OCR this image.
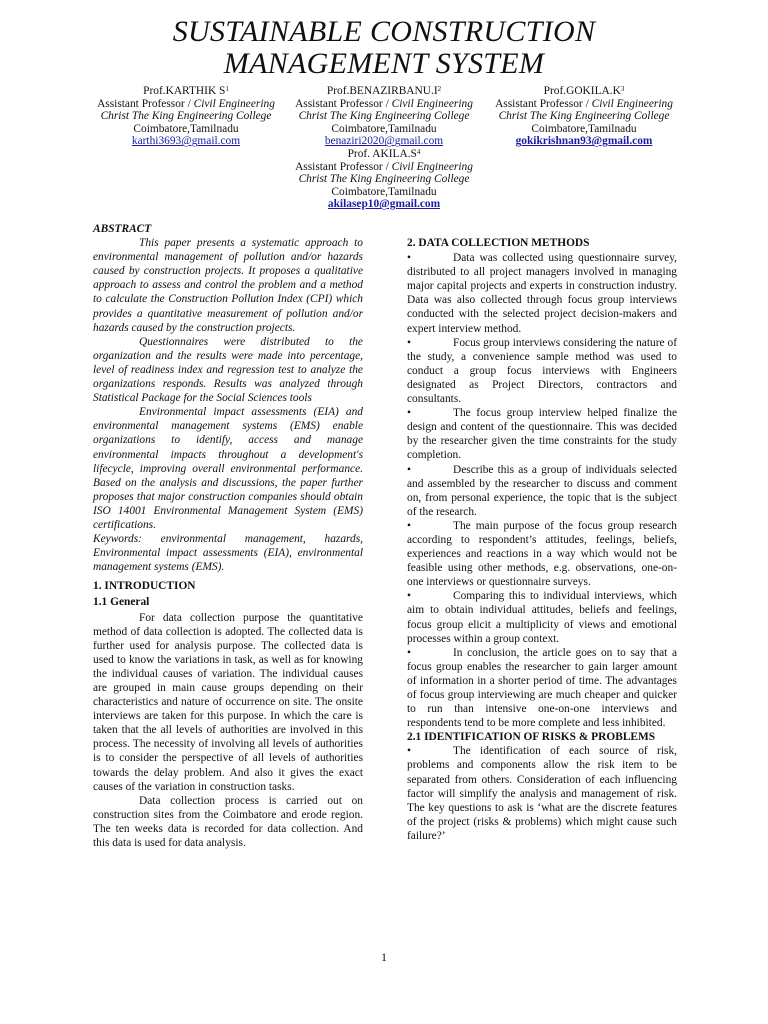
SUSTAINABLE CONSTRUCTION
MANAGEMENT SYSTEM
Prof.KARTHIK $S^1$
Assistant Professor / Civil Engineering
Christ The King Engineering College
Coimbatore,Tamilnadu
karthi3693@gmail.com
$Prof.BENAZIRBANU.I^2$
Assistant Professor / Civil Engineering
Christ The King Engineering College
Coimbatore,Tamilnadu
benaziri2020@gmail.com
$Prof.GOKILA.K^3$
Assistant Professor / Civil Engineering
Christ The King Engineering College
Coimbatore,Tamilnadu
gokikrishnan93@gmail.com
Prof. $AKILA.S^4$
Assistant Professor / Civil Engineering
Christ The King Engineering College
Coimbatore,Tamilnadu
akilasep10@gmail.com

ABSTRACT

This paper presents a systematic approach to environmental management of pollution and/or hazards caused by construction projects. It proposes a qualitative approach to assess and control the problem and a method to calculate the Construction Pollution Index (CPI) which provides a quantitative measurement of pollution and/or hazards caused by the construction projects.

Questionnaires were distributed to the organization and the results were made into percentage, level of readiness index and regression test to analyze the organizations responds. Results was analyzed through Statistical Package for the Social Sciences tools

Environmental impact assessments (EIA) and environmental management systems (EMS) enable organizations to identify, access and manage environmental impacts throughout a development's lifecycle, improving overall environmental performance. Based on the analysis and discussions, the paper further proposes that major construction companies should obtain ISO 14001 Environmental Management System (EMS) certifications.

Keywords: environmental management, hazards, Environmental impact assessments (EIA), environmental management systems (EMS).

1. INTRODUCTION

1.1 General

For data collection purpose the quantitative method of data collection is adopted. The collected data is further used for analysis purpose. The collected data is used to know the variations in task, as well as for knowing the individual causes of variation. The individual causes are grouped in main cause groups depending on their characteristics and nature of occurrence on site. The onsite interviews are taken for this purpose. In which the care is taken that the all levels of authorities are involved in this process. The necessity of involving all levels of authorities is to consider the perspective of all levels of authorities towards the delay problem. And also it gives the exact causes of the variation in construction tasks.

Data collection process is carried out on construction sites from the Coimbatore and erode region. The ten weeks data is recorded for data collection. And this data is used for data analysis.

2. DATA COLLECTION METHODS

•	Data was collected using questionnaire survey, distributed to all project managers involved in managing major capital projects and experts in construction industry. Data was also collected through focus group interviews conducted with the selected project decision-makers and expert interview method.

•	Focus group interviews considering the nature of the study, a convenience sample method was used to conduct a group focus interviews with Engineers designated as Project Directors, contractors and consultants.

•	The focus group interview helped finalize the design and content of the questionnaire. This was decided by the researcher given the time constraints for the study completion.

•	Describe this as a group of individuals selected and assembled by the researcher to discuss and comment on, from personal experience, the topic that is the subject of the research.

•	The main purpose of the focus group research according to respondent’s attitudes, feelings, beliefs, experiences and reactions in a way which would not be feasible using other methods, e.g. observations, one-on-one interviews or questionnaire surveys.

•	Comparing this to individual interviews, which aim to obtain individual attitudes, beliefs and feelings, focus group elicit a multiplicity of views and emotional processes within a group context.

•	In conclusion, the article goes on to say that a focus group enables the researcher to gain larger amount of information in a shorter period of time. The advantages of focus group interviewing are much cheaper and quicker to run than intensive one-on-one interviews and respondents tend to be more complete and less inhibited.

2.1 IDENTIFICATION OF RISKS & PROBLEMS

•	The identification of each source of risk, problems and components allow the risk item to be separated from others. Consideration of each influencing factor will simplify the analysis and management of risk. The key questions to ask is ‘what are the discrete features of the project (risks & problems) which might cause such failure?’

1
